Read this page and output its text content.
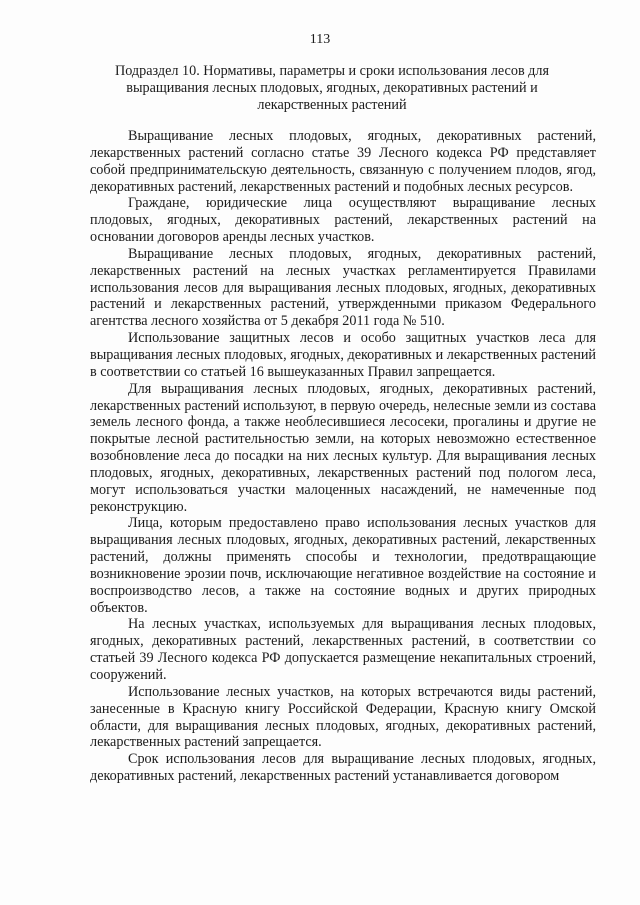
113
Подраздел 10. Нормативы, параметры и сроки использования лесов для выращивания лесных плодовых, ягодных, декоративных растений и лекарственных растений

Выращивание лесных плодовых, ягодных, декоративных растений, лекарственных растений согласно статье 39 Лесного кодекса РФ представляет собой предпринимательскую деятельность, связанную с получением плодов, ягод, декоративных растений, лекарственных растений и подобных лесных ресурсов.

Граждане, юридические лица осуществляют выращивание лесных плодовых, ягодных, декоративных растений, лекарственных растений на основании договоров аренды лесных участков.

Выращивание лесных плодовых, ягодных, декоративных растений, лекарственных растений на лесных участках регламентируется Правилами использования лесов для выращивания лесных плодовых, ягодных, декоративных растений и лекарственных растений, утвержденными приказом Федерального агентства лесного хозяйства от 5 декабря 2011 года № 510.

Использование защитных лесов и особо защитных участков леса для выращивания лесных плодовых, ягодных, декоративных и лекарственных растений в соответствии со статьей 16 вышеуказанных Правил запрещается.

Для выращивания лесных плодовых, ягодных, декоративных растений, лекарственных растений используют, в первую очередь, нелесные земли из состава земель лесного фонда, а также необлесившиеся лесосеки, прогалины и другие не покрытые лесной растительностью земли, на которых невозможно естественное возобновление леса до посадки на них лесных культур. Для выращивания лесных плодовых, ягодных, декоративных, лекарственных растений под пологом леса, могут использоваться участки малоценных насаждений, не намеченные под реконструкцию.

Лица, которым предоставлено право использования лесных участков для выращивания лесных плодовых, ягодных, декоративных растений, лекарственных растений, должны применять способы и технологии, предотвращающие возникновение эрозии почв, исключающие негативное воздействие на состояние и воспроизводство лесов, а также на состояние водных и других природных объектов.

На лесных участках, используемых для выращивания лесных плодовых, ягодных, декоративных растений, лекарственных растений, в соответствии со статьей 39 Лесного кодекса РФ допускается размещение некапитальных строений, сооружений.

Использование лесных участков, на которых встречаются виды растений, занесенные в Красную книгу Российской Федерации, Красную книгу Омской области, для выращивания лесных плодовых, ягодных, декоративных растений, лекарственных растений запрещается.

Срок использования лесов для выращивание лесных плодовых, ягодных, декоративных растений, лекарственных растений устанавливается договором
